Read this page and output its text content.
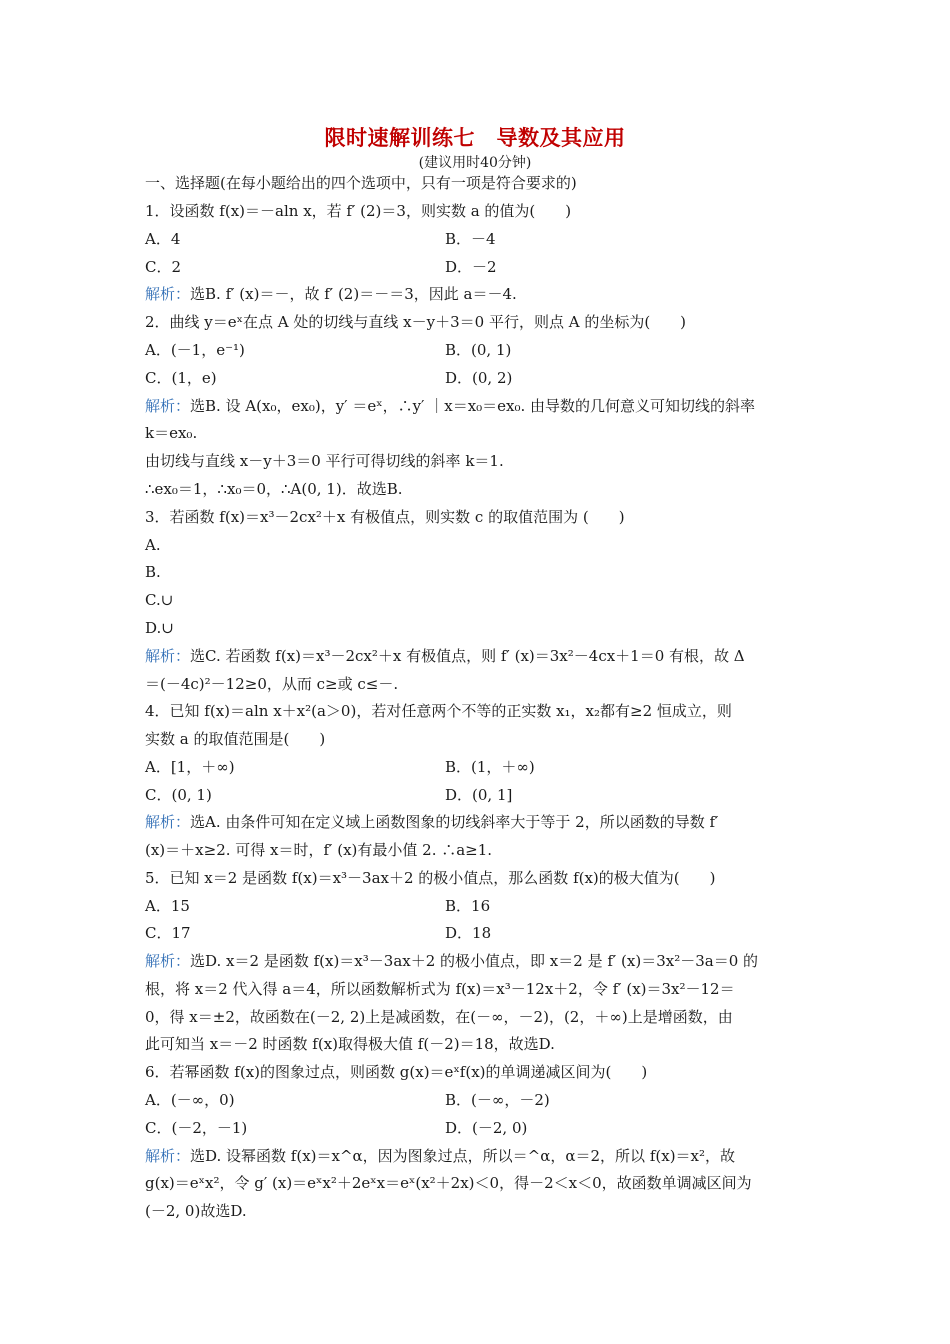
限时速解训练七　导数及其应用
(建议用时40分钟)
一、选择题(在每小题给出的四个选项中，只有一项是符合要求的)
1．设函数 f(x)＝－aln x，若 f′ (2)＝3，则实数 a 的值为(　　)
A．4	B．－4
C．2	D．－2
解析：选B. f′ (x)＝－，故 f′ (2)＝－＝3，因此 a＝－4.
2．曲线 y＝eˣ在点 A 处的切线与直线 x－y＋3＝0 平行，则点 A 的坐标为(　　)
A．(－1，e⁻¹)	B．(0, 1)
C．(1，e)	D．(0, 2)
解析：选B. 设 A(x₀，ex₀)，y′ ＝eˣ，∴y′ ｜x＝x₀＝ex₀. 由导数的几何意义可知切线的斜率
k＝ex₀.
由切线与直线 x－y＋3＝0 平行可得切线的斜率 k＝1.
∴ex₀＝1，∴x₀＝0，∴A(0, 1)．故选B.
3．若函数 f(x)＝x³－2cx²＋x 有极值点，则实数 c 的取值范围为 (　　)
A.
B.
C.∪
D.∪
解析：选C. 若函数 f(x)＝x³－2cx²＋x 有极值点，则 f′ (x)＝3x²－4cx＋1＝0 有根，故 Δ
＝(－4c)²－12≥0，从而 c≥或 c≤－.
4．已知 f(x)＝aln x＋x²(a＞0)，若对任意两个不等的正实数 x₁，x₂都有≥2 恒成立，则
实数 a 的取值范围是(　　)
A．[1，＋∞)	B．(1，＋∞)
C．(0, 1)	D．(0, 1]
解析：选A. 由条件可知在定义域上函数图象的切线斜率大于等于 2，所以函数的导数 f′
(x)＝＋x≥2. 可得 x＝时，f′ (x)有最小值 2. ∴a≥1.
5．已知 x＝2 是函数 f(x)＝x³－3ax＋2 的极小值点，那么函数 f(x)的极大值为(　　)
A．15	B．16
C．17	D．18
解析：选D. x＝2 是函数 f(x)＝x³－3ax＋2 的极小值点，即 x＝2 是 f′ (x)＝3x²－3a＝0 的
根，将 x＝2 代入得 a＝4，所以函数解析式为 f(x)＝x³－12x＋2，令 f′ (x)＝3x²－12＝
0，得 x＝±2，故函数在(－2, 2)上是减函数，在(－∞，－2)，(2，＋∞)上是增函数，由
此可知当 x＝－2 时函数 f(x)取得极大值 f(－2)＝18，故选D.
6．若幂函数 f(x)的图象过点，则函数 g(x)＝eˣf(x)的单调递减区间为(　　)
A．(－∞，0)	B．(－∞，－2)
C．(－2，－1)	D．(－2, 0)
解析：选D. 设幂函数 f(x)＝x^α，因为图象过点，所以＝^α，α＝2，所以 f(x)＝x²，故
g(x)＝eˣx²，令 g′ (x)＝eˣx²＋2eˣx＝eˣ(x²＋2x)＜0，得－2＜x＜0，故函数单调减区间为
(－2, 0)故选D.
